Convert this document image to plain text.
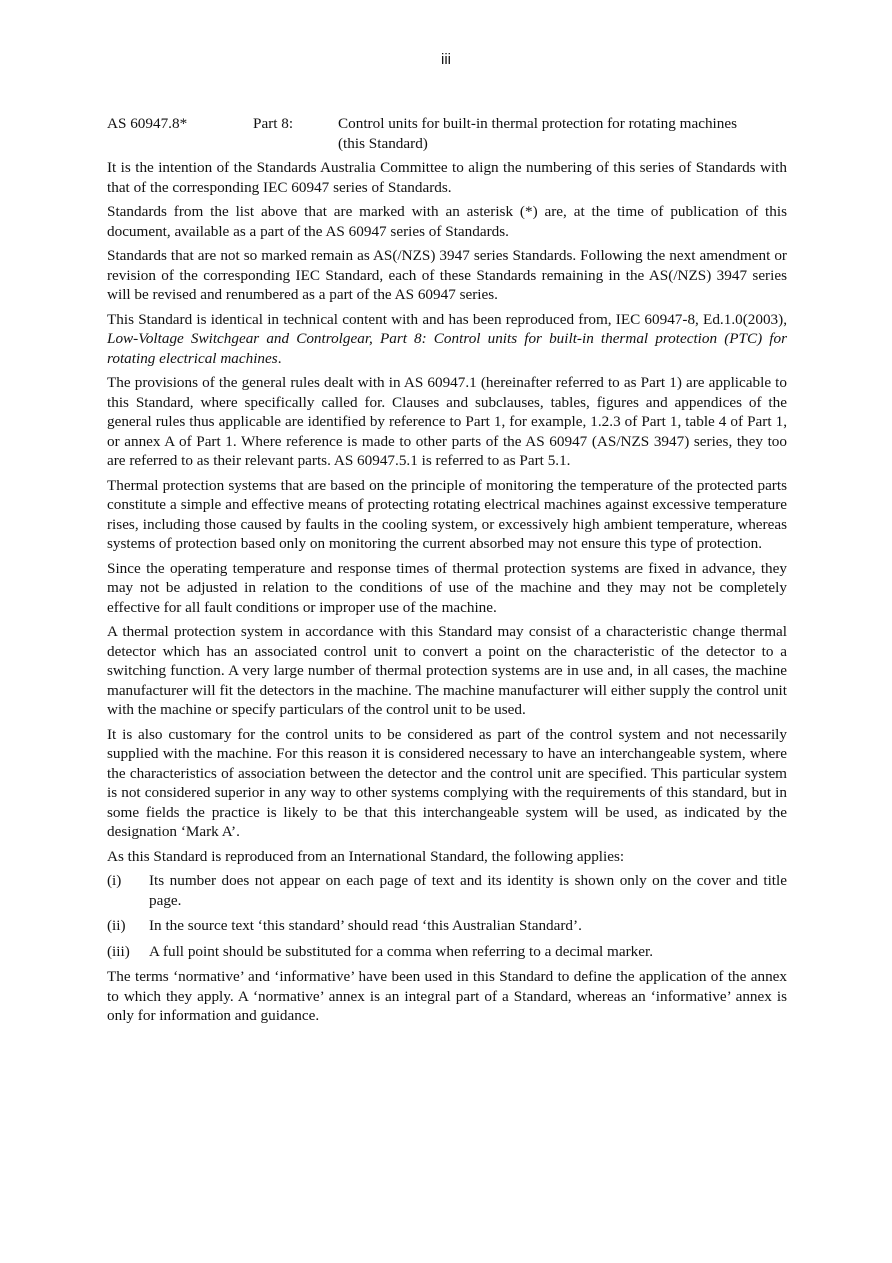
iii
AS 60947.8*	Part 8:	Control units for built-in thermal protection for rotating machines (this Standard)

It is the intention of the Standards Australia Committee to align the numbering of this series of Standards with that of the corresponding IEC 60947 series of Standards.

Standards from the list above that are marked with an asterisk (*) are, at the time of publication of this document, available as a part of the AS 60947 series of Standards.

Standards that are not so marked remain as AS(/NZS) 3947 series Standards. Following the next amendment or revision of the corresponding IEC Standard, each of these Standards remaining in the AS(/NZS) 3947 series will be revised and renumbered as a part of the AS 60947 series.

This Standard is identical in technical content with and has been reproduced from, IEC 60947-8, Ed.1.0(2003), Low-Voltage Switchgear and Controlgear, Part 8: Control units for built-in thermal protection (PTC) for rotating electrical machines.

The provisions of the general rules dealt with in AS 60947.1 (hereinafter referred to as Part 1) are applicable to this Standard, where specifically called for. Clauses and subclauses, tables, figures and appendices of the general rules thus applicable are identified by reference to Part 1, for example, 1.2.3 of Part 1, table 4 of Part 1, or annex A of Part 1. Where reference is made to other parts of the AS 60947 (AS/NZS 3947) series, they too are referred to as their relevant parts. AS 60947.5.1 is referred to as Part 5.1.

Thermal protection systems that are based on the principle of monitoring the temperature of the protected parts constitute a simple and effective means of protecting rotating electrical machines against excessive temperature rises, including those caused by faults in the cooling system, or excessively high ambient temperature, whereas systems of protection based only on monitoring the current absorbed may not ensure this type of protection.

Since the operating temperature and response times of thermal protection systems are fixed in advance, they may not be adjusted in relation to the conditions of use of the machine and they may not be completely effective for all fault conditions or improper use of the machine.

A thermal protection system in accordance with this Standard may consist of a characteristic change thermal detector which has an associated control unit to convert a point on the characteristic of the detector to a switching function. A very large number of thermal protection systems are in use and, in all cases, the machine manufacturer will fit the detectors in the machine. The machine manufacturer will either supply the control unit with the machine or specify particulars of the control unit to be used.

It is also customary for the control units to be considered as part of the control system and not necessarily supplied with the machine. For this reason it is considered necessary to have an interchangeable system, where the characteristics of association between the detector and the control unit are specified. This particular system is not considered superior in any way to other systems complying with the requirements of this standard, but in some fields the practice is likely to be that this interchangeable system will be used, as indicated by the designation ‘Mark A’.

As this Standard is reproduced from an International Standard, the following applies:

(i)	Its number does not appear on each page of text and its identity is shown only on the cover and title page.
(ii)	In the source text ‘this standard’ should read ‘this Australian Standard’.
(iii)	A full point should be substituted for a comma when referring to a decimal marker.

The terms ‘normative’ and ‘informative’ have been used in this Standard to define the application of the annex to which they apply. A ‘normative’ annex is an integral part of a Standard, whereas an ‘informative’ annex is only for information and guidance.
